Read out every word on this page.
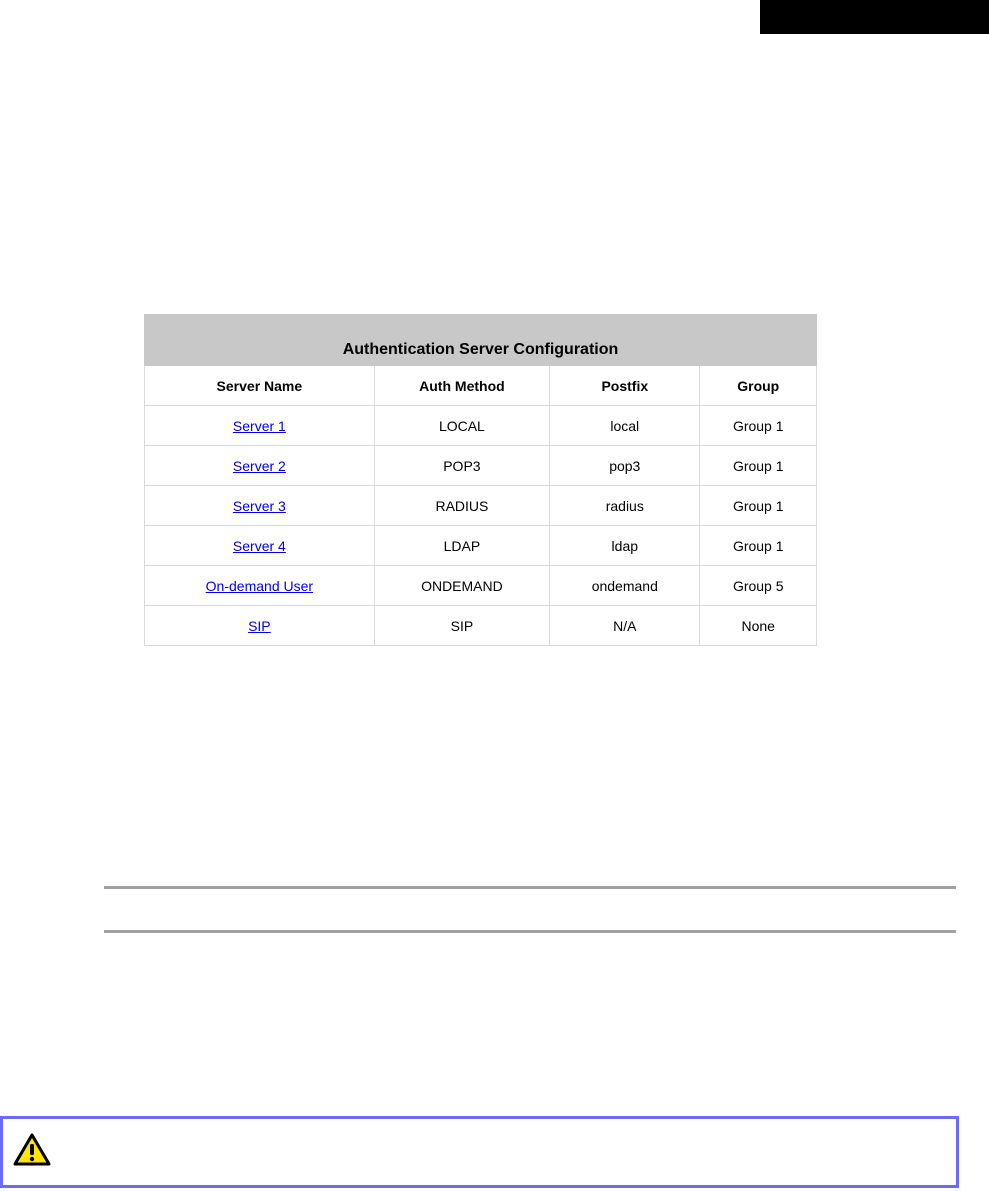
Authentication Server Configuration			
Server Name	Auth Method	Postfix	Group
Server 1	LOCAL	local	Group 1
Server 2	POP3	pop3	Group 1
Server 3	RADIUS	radius	Group 1
Server 4	LDAP	ldap	Group 1
On-demand User	ONDEMAND	ondemand	Group 5
SIP	SIP	N/A	None
